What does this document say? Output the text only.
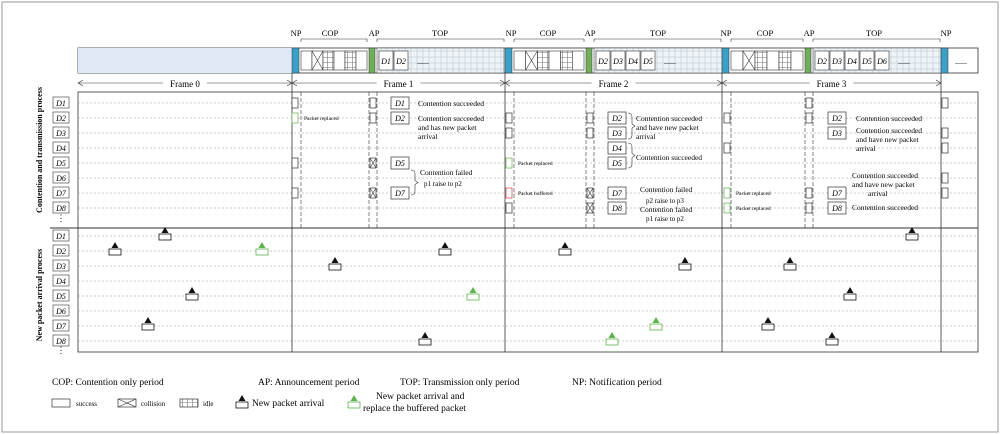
D1 D2 ......	D2 D3 D4 D5 ......	D2 D3 D4 D5 D6 ......	......
NP COP	AP	TOP	NP	COP	AP	TOP	NP	COP	AP	TOP	NP
Frame 0	Frame 1	Frame 2	Frame 3
Contention and transmission process
New packet arrival process
D1
D2
D3
D4
D5
D6
D7
D8
D1
D2
D3
D4
D5
D6
D7
D8
⋮
⋮
Packet replaced
D1
D2
D5
D7
Contention succeeded
Contention succeeded
and has new packet
arrival
Contention failed
p1 raise to p2
Packet replaced
Packet buffered
D2
D3
D4
D5
D7
D8
Contention succeeded
and have new packet
arrival
Contention succeeded
Contention failed
p2 raise to p3
Contention failed
p1 raise to p2
Packet replaced
Packet replaced
D2
D3
D7
D8
Contention succeeded
Contention succeeded
and have new packet
arrival
Contention succeeded
and have new packet
arrival
Contention succeeded
COP: Contention only period	AP: Announcement period	TOP: Transmission only period	NP: Notification period
success	collision	idle	New packet arrival
New packet arrival and
replace the buffered packet
